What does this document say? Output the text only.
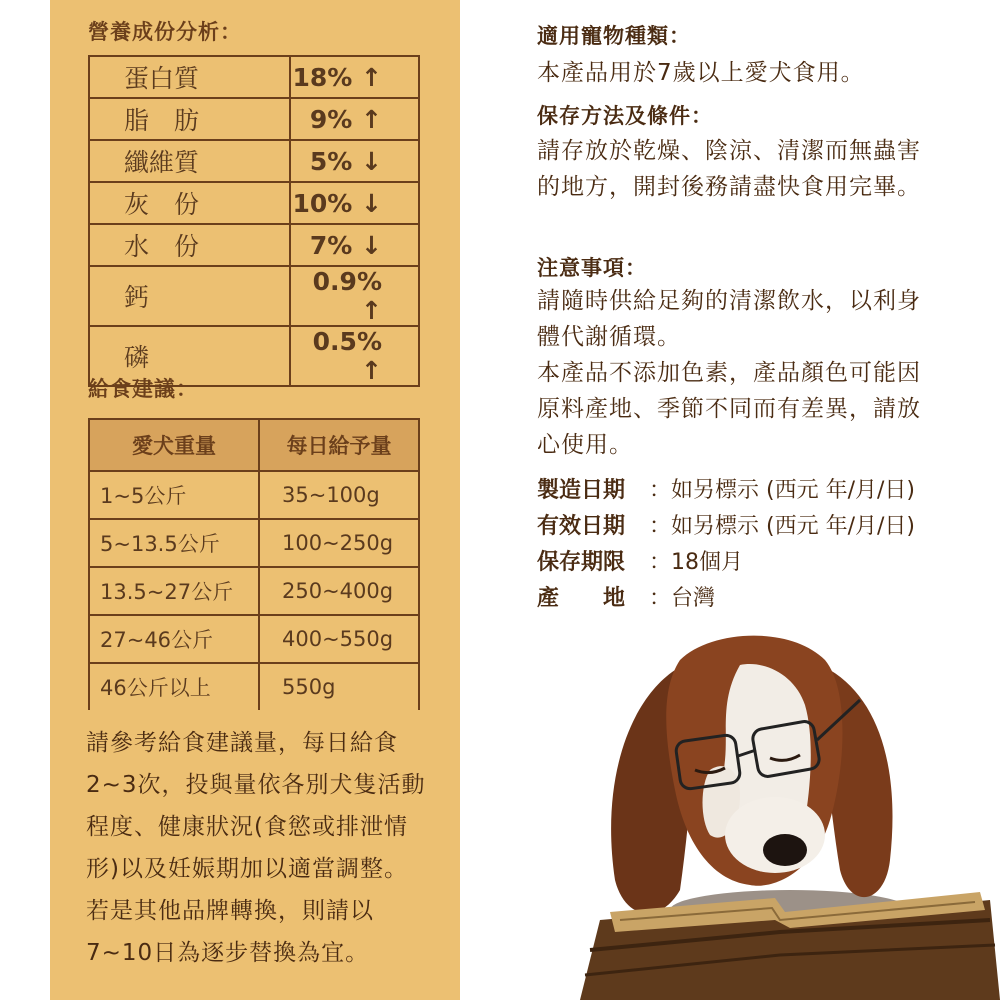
營養成份分析：
蛋白質	18% ↑
脂　肪	9% ↑
纖維質	5% ↓
灰　份	10% ↓
水　份	7% ↓
鈣	0.9% ↑
磷	0.5% ↑
給食建議：
愛犬重量	每日給予量
1~5公斤	35~100g
5~13.5公斤	100~250g
13.5~27公斤	250~400g
27~46公斤	400~550g
46公斤以上	550g
請參考給食建議量，每日給食2~3次，投與量依各別犬隻活動程度、健康狀況(食慾或排泄情形)以及妊娠期加以適當調整。若是其他品牌轉換，則請以7~10日為逐步替換為宜。
適用寵物種類：
本產品用於7歲以上愛犬食用。
保存方法及條件：
請存放於乾燥、陰涼、清潔而無蟲害的地方，開封後務請盡快食用完畢。
注意事項：
請隨時供給足夠的清潔飲水，以利身體代謝循環。
本產品不添加色素，產品顏色可能因原料產地、季節不同而有差異，請放心使用。
製造日期	： 如另標示 (西元 年/月/日)
有效日期	： 如另標示 (西元 年/月/日)
保存期限	： 18個月
產　　地	： 台灣
